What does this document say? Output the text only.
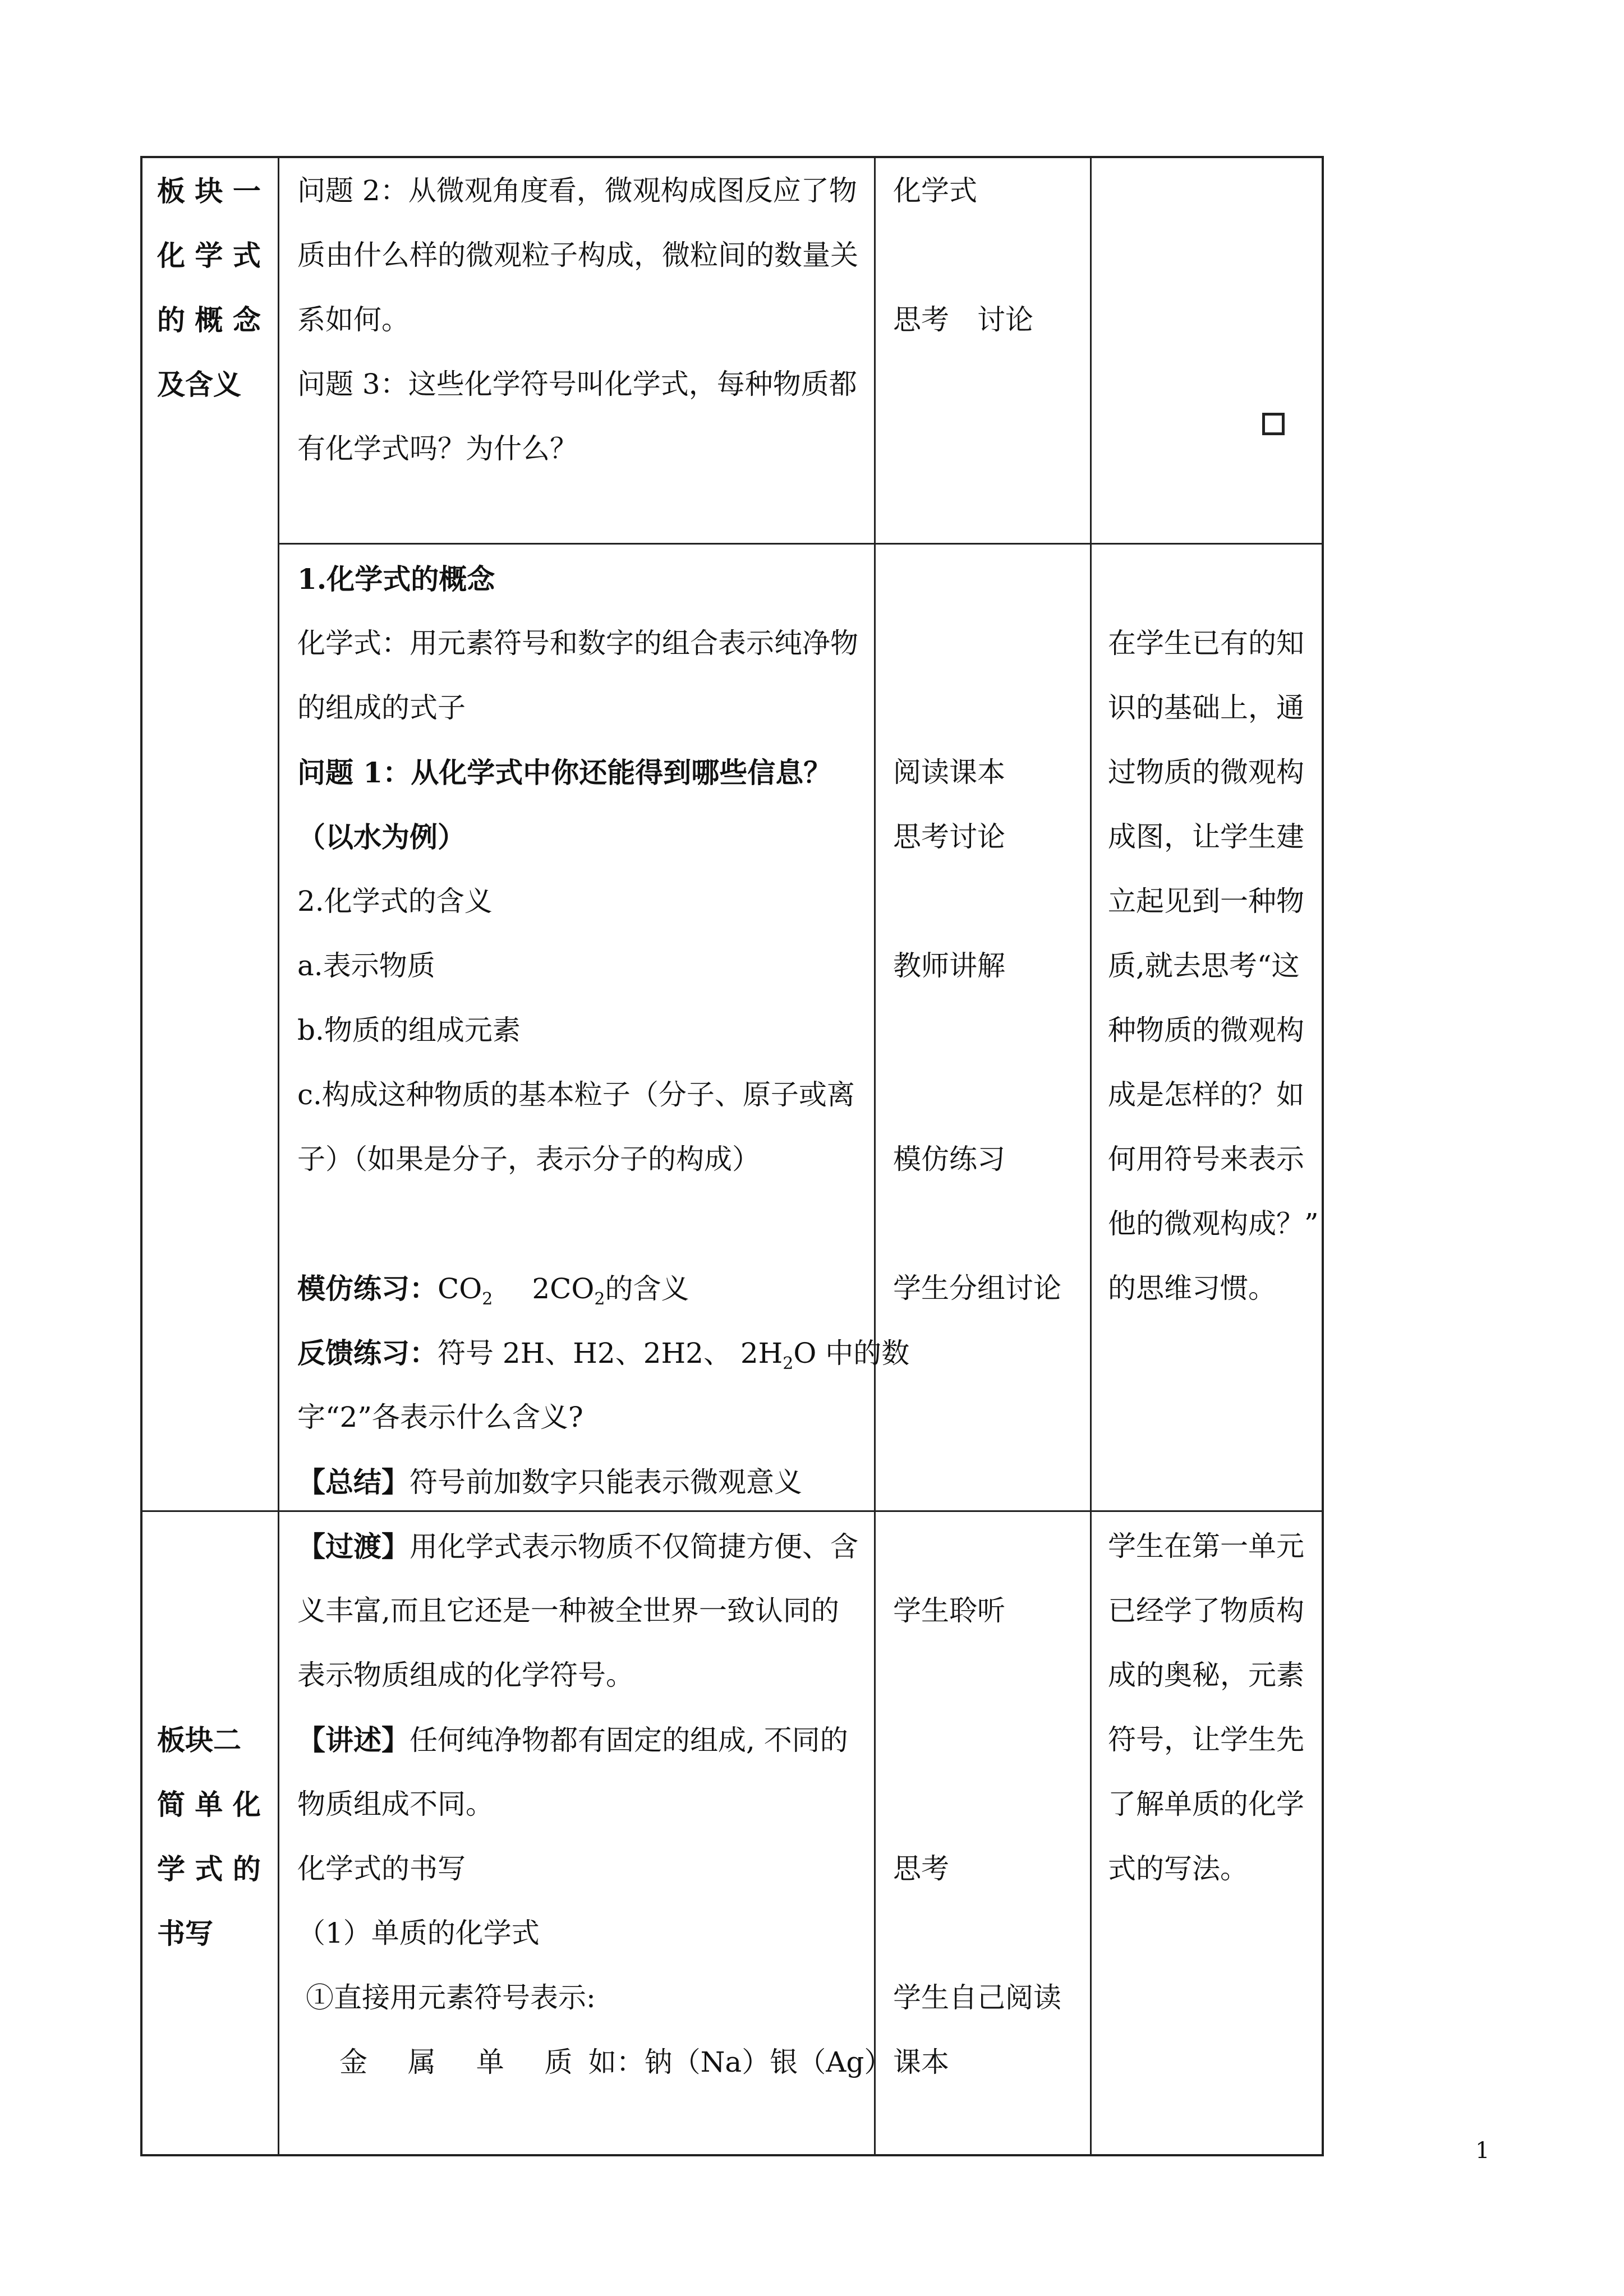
板 块 一

化 学 式

的 概 念

及含义

问题 2：从微观角度看，微观构成图反应了物

质由什么样的微观粒子构成，微粒间的数量关

系如何。

问题 3：这些化学符号叫化学式，每种物质都

有化学式吗？为什么？

化学式

思考　讨论

1.化学式的概念

化学式：用元素符号和数字的组合表示纯净物

的组成的式子

问题 1：从化学式中你还能得到哪些信息？

（以水为例）

2.化学式的含义

a.表示物质

b.物质的组成元素

c.构成这种物质的基本粒子（分子、原子或离

子）（如果是分子，表示分子的构成）

模仿练习：$CO_2$ $2CO_2$的含义

反馈练习：符号 2H、H2、2H2、 $2H_2O$ 中的数

字“2”各表示什么含义?

【总结】符号前加数字只能表示微观意义

阅读课本

思考讨论

教师讲解

模仿练习

学生分组讨论

在学生已有的知

识的基础上，通

过物质的微观构

成图，让学生建

立起见到一种物

质,就去思考“这

种物质的微观构

成是怎样的？如

何用符号来表示

他的微观构成？”

的思维习惯。

板块二

简 单 化

学 式 的

书写

【过渡】用化学式表示物质不仅简捷方便、含

义丰富,而且它还是一种被全世界一致认同的

表示物质组成的化学符号。

【讲述】任何纯净物都有固定的组成, 不同的

物质组成不同。

化学式的书写

（1）单质的化学式

①直接用元素符号表示:

金 属 单 质如：钠（Na）银（Ag）

学生聆听

思考

学生自己阅读

课本

学生在第一单元

已经学了物质构

成的奥秘，元素

符号，让学生先

了解单质的化学

式的写法。

1
